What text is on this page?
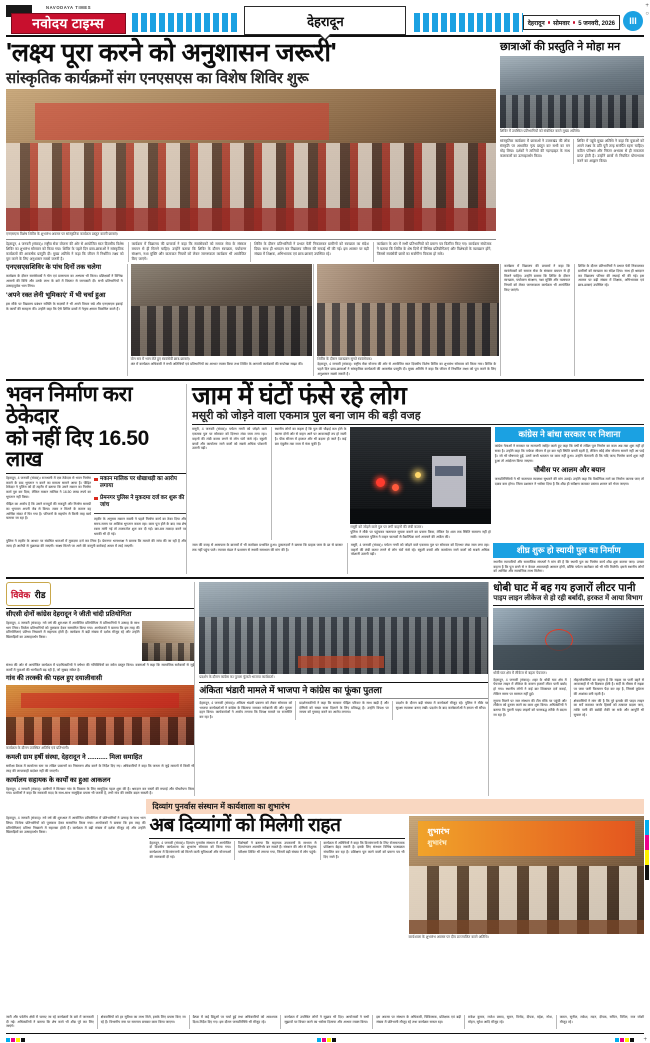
NAVODAYA TIMES
नवोदय टाइम्स	देहरादून	देहरादून सोमवार 5 जनवरी, 2026	III
+
○
'लक्ष्य पूरा करने को अनुशासन जरूरी'
सांस्कृतिक कार्यक्रमों संग एनएसएस का विशेष शिविर शुरू
एनएसएस विशेष शिविर के शुभारंभ अवसर पर सांस्कृतिक कार्यक्रम प्रस्तुत करतीं छात्राएं।
देहरादून, 4 जनवरी (संवाद)। राष्ट्रीय सेवा योजना की ओर से आयोजित सात दिवसीय विशेष शिविर का शुभारंभ सोमवार को किया गया। शिविर के पहले दिन छात्र-छात्राओं ने सांस्कृतिक कार्यक्रमों की आकर्षक प्रस्तुति दी। मुख्य अतिथि ने कहा कि जीवन में निर्धारित लक्ष्य को पूरा करने के लिए अनुशासन सबसे जरूरी है।
कार्यक्रम में विद्यालय की प्राचार्या ने कहा कि स्वयंसेवकों को समाज सेवा के संस्कार बचपन से ही मिलने चाहिए। उन्होंने बताया कि शिविर के दौरान स्वच्छता, पर्यावरण संरक्षण, नशा मुक्ति और यातायात नियमों को लेकर जागरूकता कार्यक्रम भी आयोजित किए जाएंगे।
शिविर के दौरान प्रतिभागियों ने प्रभात फेरी निकालकर ग्रामीणों को स्वच्छता का संदेश दिया। साथ ही श्रमदान कर विद्यालय परिसर की सफाई भी की गई। इस अवसर पर बड़ी संख्या में शिक्षक, अभिभावक एवं छात्र-छात्राएं उपस्थित रहे।
कार्यक्रम के अंत में सभी प्रतिभागियों को प्रमाण पत्र वितरित किए गए। कार्यक्रम संयोजक ने बताया कि शिविर के शेष दिनों में विभिन्न प्रतियोगिताएं और विशेषज्ञों के व्याख्यान होंगे, जिससे स्वयंसेवी छात्रों का सर्वांगीण विकास हो सके।
छात्राओं की प्रस्तुति ने मोहा मन
शिविर में उपस्थित प्रतिभागियों को संबोधित करते मुख्य अतिथि।
सांस्कृतिक कार्यक्रम में छात्राओं ने उत्तराखंड की लोक संस्कृति पर आधारित नृत्य प्रस्तुत कर सभी का मन मोह लिया। दर्शकों ने तालियों की गड़गड़ाहट के साथ कलाकारों का उत्साहवर्धन किया।
शिविर में पहुंचे मुख्य अतिथि ने कहा कि युवाओं को अपने लक्ष्य के प्रति पूरी तरह समर्पित रहना चाहिए। कठिन परिश्रम और निरंतर अभ्यास से ही सफलता प्राप्त होती है। उन्होंने छात्रों से नियमित योगाभ्यास करने का आह्वान किया।
एनएसएसशिविर के पांच दिनों तक चलेगा
कार्यक्रम के दौरान स्वयंसेवकों ने योग एवं प्राणायाम का अभ्यास भी किया। प्रशिक्षकों ने विभिन्न आसनों की विधि और उनके लाभ के बारे में विस्तार से जानकारी दी। सभी प्रतिभागियों ने उत्साहपूर्वक भाग लिया।
'अपने रक्त लेनी भूमिकाएं' में भी चर्चा हुआ
इस मौके पर विद्यालय प्रबंधन समिति के सदस्यों ने भी अपने विचार रखे और एनएसएस इकाई के कार्यों की सराहना की। उन्होंने कहा कि ऐसे शिविर छात्रों में नेतृत्व क्षमता विकसित करते हैं।
योग सत्र में भाग लेते हुए स्वयंसेवी छात्र-छात्राएं।
अंत में कार्यक्रम अधिकारी ने सभी अतिथियों एवं प्रतिभागियों का आभार व्यक्त किया तथा शिविर के आगामी कार्यक्रमों की रूपरेखा साझा की।
शिविर के दौरान व्याख्यान सुनते स्वयंसेवक।
देहरादून, 4 जनवरी (संवाद)। राष्ट्रीय सेवा योजना की ओर से आयोजित सात दिवसीय विशेष शिविर का शुभारंभ सोमवार को किया गया। शिविर के पहले दिन छात्र-छात्राओं ने सांस्कृतिक कार्यक्रमों की आकर्षक प्रस्तुति दी। मुख्य अतिथि ने कहा कि जीवन में निर्धारित लक्ष्य को पूरा करने के लिए अनुशासन सबसे जरूरी है।
कार्यक्रम में विद्यालय की प्राचार्या ने कहा कि स्वयंसेवकों को समाज सेवा के संस्कार बचपन से ही मिलने चाहिए। उन्होंने बताया कि शिविर के दौरान स्वच्छता, पर्यावरण संरक्षण, नशा मुक्ति और यातायात नियमों को लेकर जागरूकता कार्यक्रम भी आयोजित किए जाएंगे।
शिविर के दौरान प्रतिभागियों ने प्रभात फेरी निकालकर ग्रामीणों को स्वच्छता का संदेश दिया। साथ ही श्रमदान कर विद्यालय परिसर की सफाई भी की गई। इस अवसर पर बड़ी संख्या में शिक्षक, अभिभावक एवं छात्र-छात्राएं उपस्थित रहे।
भवन निर्माण करा ठेकेदार
को नहीं दिए 16.50 लाख
देहरादून, 4 जनवरी (संवाद)। राजधानी में एक ठेकेदार से भवन निर्माण कराने के बाद भुगतान न करने का मामला सामने आया है। पीड़ित ठेकेदार ने पुलिस को दी तहरीर में बताया कि उसने मकान का निर्माण कार्य पूरा कर दिया, लेकिन मकान मालिक ने 16.50 लाख रुपये का भुगतान नहीं किया।
पीड़ित का आरोप है कि उसने मजदूरों की मजदूरी और निर्माण सामग्री का भुगतान अपनी जेब से किया। रकम न मिलने के कारण वह आर्थिक संकट में घिर गया है। परिजनों के सहयोग से किसी तरह खर्च चलाया जा रहा है।
मकान मालिक पर धोखाधड़ी का आरोप लगाया
प्रेमनगर पुलिस ने मुकदमा दर्ज कर शुरू की जांच
तहरीर के अनुसार मकान स्वामी ने पहले निर्माण कार्य का ठेका दिया और समय-समय पर आंशिक भुगतान करता रहा। काम पूरा होने के बाद जब शेष रकम मांगी गई तो टालमटोल शुरू कर दी गई। बार-बार तकादा करने पर धमकी भी दी गई।
पुलिस ने तहरीर के आधार पर संबंधित धाराओं में मुकदमा दर्ज कर लिया है। प्रेमनगर थानाध्यक्ष ने बताया कि मामले की जांच की जा रही है और जल्द ही आरोपी से पूछताछ की जाएगी। साक्ष्य मिलने पर आगे की कानूनी कार्रवाई अमल में लाई जाएगी।
जाम में घंटों फंसे रहे लोग
मसूरी को जोड़ने वाला एकमात्र पुल बना जाम की बड़ी वजह
मसूरी, 4 जनवरी (संवाद)। पर्यटन नगरी को जोड़ने वाले एकमात्र पुल पर सोमवार को दिनभर लंबा जाम लगा रहा। वाहनों की लंबी कतार लगने से लोग घंटों फंसे रहे। स्कूली बच्चों और कार्यालय जाने वालों को सबसे अधिक परेशानी उठानी पड़ी।
स्थानीय लोगों का कहना है कि पुल की चौड़ाई कम होने के कारण दोनों ओर से वाहन आने पर आवाजाही ठप हो जाती है। पीक सीजन में हालात और भी बदतर हो जाते हैं। कई बार एंबुलेंस तक जाम में फंस चुकी हैं।
मसूरी को जोड़ने वाले पुल पर लगी वाहनों की लंबी कतार।
पुलिस ने मौके पर पहुंचकर यातायात सुचारु कराने का प्रयास किया, लेकिन देर शाम तक स्थिति सामान्य नहीं हो सकी। यातायात पुलिस ने वाहन चालकों से वैकल्पिक मार्ग अपनाने की अपील की।
कांग्रेस ने बांधा सरकार पर निशाना
कांग्रेस नेताओं ने सरकार पर नाराजगी जाहिर करते हुए कहा कि वर्षों से लंबित पुल निर्माण का काम अब तक शुरू नहीं हो सका है। उन्होंने कहा कि पर्यटक सीजन में हर बार यही स्थिति बनती रहती है, लेकिन कोई ठोस योजना सामने नहीं आ पाई है। जो भी घोषणाएं हुईं, उनमें कभी धरातल पर काम नहीं हुआ। उन्होंने चेतावनी दी कि यदि जल्द निर्माण कार्य शुरू नहीं हुआ तो आंदोलन किया जाएगा।
चौबीस पर आलम और बयान
जनप्रतिनिधियों ने भी यातायात व्यवस्था सुधारने की मांग उठाई। उन्होंने कहा कि वैकल्पिक मार्ग का निर्माण कराया जाए तो दबाव कम होगा। जिला प्रशासन ने भरोसा दिया है कि शीघ्र ही सर्वेक्षण कराकर प्रस्ताव शासन को भेजा जाएगा।
जाम की वजह से आसपास के बाजारों में भी कारोबार प्रभावित हुआ। दुकानदारों ने बताया कि ग्राहक जाम के डर से बाजार तक नहीं पहुंच पाते। व्यापार मंडल ने प्रशासन से स्थायी समाधान की मांग की है।
मसूरी, 4 जनवरी (संवाद)। पर्यटन नगरी को जोड़ने वाले एकमात्र पुल पर सोमवार को दिनभर लंबा जाम लगा रहा। वाहनों की लंबी कतार लगने से लोग घंटों फंसे रहे। स्कूली बच्चों और कार्यालय जाने वालों को सबसे अधिक परेशानी उठानी पड़ी।	शीघ्र शुरू हो स्थायी पुल का निर्माण
स्थानीय व्यापारियों और सामाजिक संगठनों ने मांग की है कि स्थायी पुल का निर्माण कार्य शीघ्र शुरू कराया जाए। उनका कहना है कि पुल बनने से न केवल आवाजाही आसान होगी, बल्कि पर्यटन कारोबार को भी गति मिलेगी। इससे स्थानीय लोगों को आर्थिक और सामाजिक लाभ मिलेगा।
विवेक रीड
सीएसी दोनों कांग्रेस देहरादून ने जीती चांदी प्रतियोगिता
देहरादून, 4 जनवरी (संवाद)। नये वर्ष की शुरुआत में आयोजित प्रतियोगिता में प्रतिभागियों ने उत्साह के साथ भाग लिया। विजेता प्रतिभागियों को पुरस्कार देकर सम्मानित किया गया। आयोजकों ने बताया कि इस तरह की प्रतियोगिताएं प्रतिभा निखारने में सहायक होती हैं। कार्यक्रम में बड़ी संख्या में दर्शक मौजूद रहे और उन्होंने खिलाड़ियों का उत्साहवर्धन किया।
संस्था की ओर से आयोजित कार्यक्रम में पदाधिकारियों ने वर्षभर की गतिविधियों का ब्योरा प्रस्तुत किया। वक्ताओं ने कहा कि सामाजिक सरोकारों से जुड़े कार्यों में युवाओं की भागीदारी बढ़ रही है, जो सुखद संकेत है।
गांव की तरक्की की पहल हुए दयालीवासी
कार्यक्रम के दौरान उपस्थित अतिथि एवं प्रतिभागी।
कमली ग्राम हर्षी संस्था, देहरादून ने ........... मिला समाहित
समीक्षा बैठक में कार्यालय स्तर पर लंबित प्रकरणों का निस्तारण शीघ्र करने के निर्देश दिए गए। अधिकारियों ने कहा कि जनता से जुड़े मामलों में किसी भी तरह की लापरवाही बर्दाश्त नहीं की जाएगी।
कार्यालय सहायक के कार्यों का हुआ आकलन
देहरादून, 4 जनवरी (संवाद)। ग्रामीणों ने मिलकर गांव के विकास के लिए सामूहिक पहल शुरू की है। श्रमदान कर रास्तों की सफाई और पौधरोपण किया गया। ग्रामीणों ने कहा कि सरकारी मदद के साथ-साथ सामूहिक प्रयास भी जरूरी है, तभी गांव की तस्वीर बदल सकती है।
प्रदर्शन के दौरान कांग्रेस का पुतला फूंकते भाजपा कार्यकर्ता।
अंकिता भंडारी मामले में भाजपा ने कांग्रेस का फूंका पुतला
देहरादून, 4 जनवरी (संवाद)। अंकिता भंडारी प्रकरण को लेकर सोमवार को भाजपा कार्यकर्ताओं ने कांग्रेस के खिलाफ जमकर नारेबाजी की और पुतला दहन किया। कार्यकर्ताओं ने आरोप लगाया कि विपक्ष मामले पर राजनीति कर रहा है।
प्रदर्शनकारियों ने कहा कि सरकार पीड़ित परिवार के साथ खड़ी है और दोषियों को सख्त सजा दिलाने के लिए प्रतिबद्ध है। उन्होंने विपक्ष पर जनता को गुमराह करने का आरोप लगाया।
प्रदर्शन के दौरान बड़ी संख्या में कार्यकर्ता मौजूद रहे। पुलिस ने मौके पर सुरक्षा व्यवस्था बनाए रखी। प्रदर्शन के बाद कार्यकर्ताओं ने ज्ञापन भी सौंपा।
धोबी घाट में बह गय हजारों लीटर पानी
पाइप लाइन लीकेज से हो रही बर्बादी, हरकत में आया विभाग
धोबी घाट क्षेत्र में लीकेज से बहता पेयजल।
देहरादून, 4 जनवरी (संवाद)। शहर के धोबी घाट क्षेत्र में पेयजल लाइन में लीकेज के कारण हजारों लीटर पानी बर्बाद हो गया। स्थानीय लोगों ने कई बार शिकायत दर्ज कराई, लेकिन समय पर मरम्मत नहीं हुई।
मोहल्लेवासियों का कहना है कि सड़क पर पानी बहने से आवाजाही में भी दिक्कत होती है। सर्दी के मौसम में सड़क पर जमा पानी फिसलन पैदा कर रहा है, जिससे दुर्घटना की आशंका बनी रहती है।
सूचना मिलने पर जल संस्थान की टीम मौके पर पहुंची और लीकेज को दुरुस्त करने का काम शुरू किया। अधिकारियों ने बताया कि पुरानी पाइप लाइनों को चरणबद्ध तरीके से बदला जा रहा है।
क्षेत्रवासियों ने मांग की है कि पूरे इलाके की पाइप लाइन का सर्वे कराकर जर्जर हिस्सों को तत्काल बदला जाए, ताकि पानी की बर्बादी रोकी जा सके और आपूर्ति भी सुचारु रहे।
दिव्यांग पुनर्वास संस्थान में कार्यशाला का शुभारंभ
देहरादून, 4 जनवरी (संवाद)। नये वर्ष की शुरुआत में आयोजित प्रतियोगिता में प्रतिभागियों ने उत्साह के साथ भाग लिया। विजेता प्रतिभागियों को पुरस्कार देकर सम्मानित किया गया। आयोजकों ने बताया कि इस तरह की प्रतियोगिताएं प्रतिभा निखारने में सहायक होती हैं। कार्यक्रम में बड़ी संख्या में दर्शक मौजूद रहे और उन्होंने खिलाड़ियों का उत्साहवर्धन किया।	अब दिव्यांगों को मिलेगी राहत
देहरादून, 4 जनवरी (संवाद)। दिव्यांग पुनर्वास संस्थान में आयोजित दो दिवसीय कार्यशाला का शुभारंभ सोमवार को किया गया। कार्यशाला में दिव्यांगजनों को मिलने वाली सुविधाओं और योजनाओं की जानकारी दी गई।
विशेषज्ञों ने बताया कि सहायक उपकरणों के माध्यम से दिव्यांगजन आत्मनिर्भर बन सकते हैं। संस्थान की ओर से निशुल्क परीक्षण शिविर भी लगाया गया, जिसमें बड़ी संख्या में लोग पहुंचे।
कार्यक्रम में अतिथियों ने कहा कि दिव्यांगजनों के लिए रोजगारपरक प्रशिक्षण बेहद जरूरी है। इसके लिए संस्थान विभिन्न पाठ्यक्रम संचालित कर रहा है। प्रशिक्षण पूरा करने वालों को प्रमाण पत्र भी दिए जाते हैं।
शुभारंभ
शुभारंभ
कार्यशाला के शुभारंभ अवसर पर दीप प्रज्ज्वलित करते अतिथि।
जारी और पर्वतीय क्षेत्रों में चलाए जा रहे कार्यक्रमों के बारे में जानकारी दी गई। अधिकारियों ने बताया कि शेष कार्य भी शीघ्र पूरे कर लिए जाएंगे।
क्षेत्रवासियों को हर सुविधा का लाभ मिले, इसके लिए प्रयास किए जा रहे हैं। विभागीय स्तर पर समन्वय बनाकर काम किया जाएगा।
बैठक में कई बिंदुओं पर चर्चा हुई तथा अधिकारियों को आवश्यक दिशा-निर्देश दिए गए। इस दौरान जनप्रतिनिधि भी मौजूद रहे।
कार्यक्रम में उपस्थित लोगों ने सुझाव भी दिए। आयोजकों ने सभी सुझावों पर विचार करने का भरोसा दिलाया और आभार व्यक्त किया।
इस अवसर पर संस्थान के अधिकारी, चिकित्सक, प्रशिक्षक एवं बड़ी संख्या में प्रतिभागी मौजूद रहे तथा कार्यक्रम सफल रहा।
राकेश कुमार, राजेश प्रसाद, सुमन, विनोद, दीपक, महेश, नरेश, मोहन, सुरेश आदि मौजूद रहे।
कमल, सुनील, राकेश, मदन, दीपक, सचिन, विपिन, राज जोशी मौजूद रहे।
+
